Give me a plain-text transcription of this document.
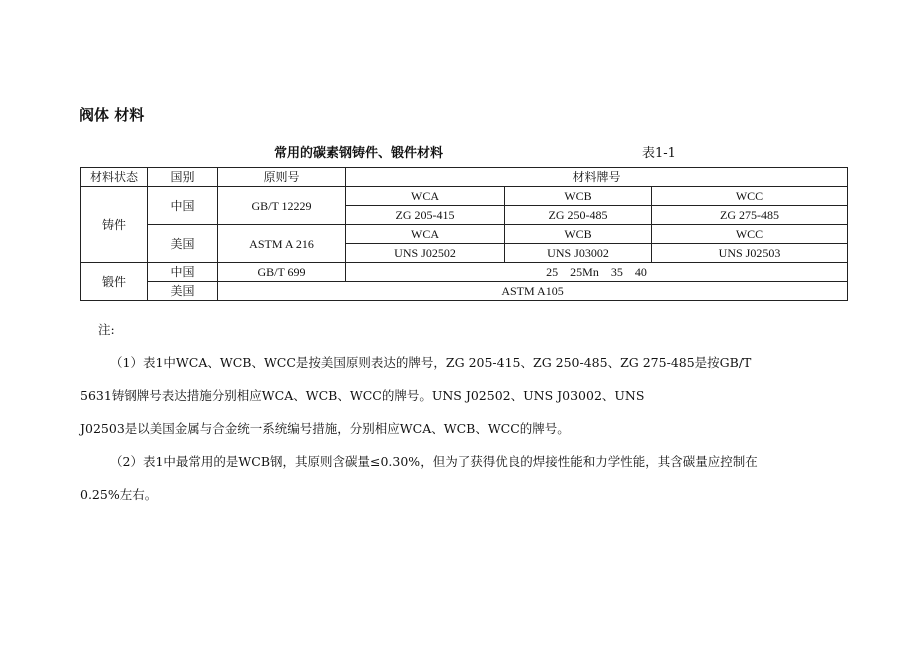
阀体 材料
常用的碳素钢铸件、锻件材料	表1-1
材料状态	国别	原则号	材料牌号		
铸件	中国	GB/T 12229	WCA	WCB	WCC
			ZG 205-415	ZG 250-485	ZG 275-485
	美国	ASTM A 216	WCA	WCB	WCC
			UNS J02502	UNS J03002	UNS J02503
锻件	中国	GB/T 699	25    25Mn    35    40		
	美国	ASTM A105			

注:

（1）表1中WCA、WCB、WCC是按美国原则表达的牌号，ZG 205-415、ZG 250-485、ZG 275-485是按GB/T

5631铸钢牌号表达措施分别相应WCA、WCB、WCC的牌号。UNS J02502、UNS J03002、UNS

J02503是以美国金属与合金统一系统编号措施，分别相应WCA、WCB、WCC的牌号。

（2）表1中最常用的是WCB钢，其原则含碳量≤0.30%，但为了获得优良的焊接性能和力学性能，其含碳量应控制在

0.25%左右。
